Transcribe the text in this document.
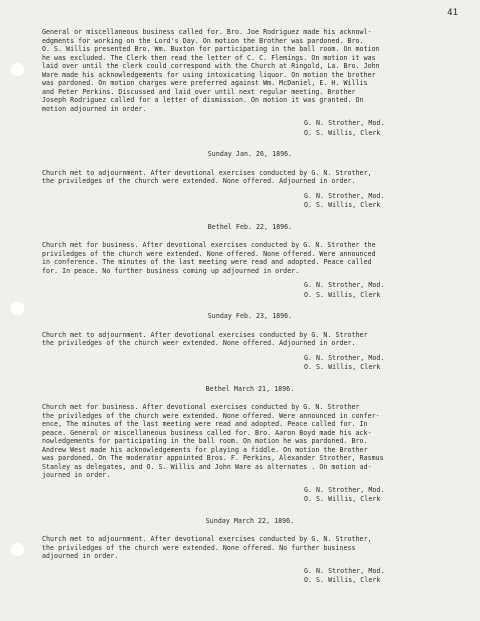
41
General or miscellaneous business called for. Bro. Joe Rodriguez made his acknowl-
edgments for working on the Lord's Day. On motion the Brother was pardoned. Bro.
O. S. Willis presented Bro. Wm. Buxton for participating in the ball room. On motion
he was excluded. The Clerk then read the letter of C. C. Flemings. On motion it was
laid over until the clerk could correspond with the Church at Ringold, La. Bro. John
Ware made his acknowledgements for using intoxicating liquor. On motion the brother
was pardoned. On motion charges were preferred against Wm. McDaniel, E. H. Willis
and Peter Perkins. Discussed and laid over until next regular meeting. Brother
Joseph Rodriguez called for a letter of dismission. On motion it was granted. On
motion adjourned in order.
G. N. Strother, Mod.
O. S. Willis, Clerk
Sunday Jan. 26, 1896.
Church met to adjournment. After devotional exercises conducted by G. N. Strother,
the priviledges of the church were extended. None offered. Adjourned in order.
G. N. Strother, Mod.
O. S. Willis, Clerk
Bethel Feb. 22, 1896.
Church met for business. After devotional exercises conducted by G. N. Strother the
priviledges of the church were extended. None offered. None offered. Were announced
in conference. The minutes of the last meeting were read and adopted. Peace called
for. In peace. No further business coming up adjourned in order.
G. N. Strother, Mod.
O. S. Willis, Clerk
Sunday Feb. 23, 1896.
Church met to adjournment. After devotional exercises conducted by G. N. Strother
the priviledges of the church weer extended. None offered. Adjourned in order.
G. N. Strother, Mod.
O. S. Willis, Clerk
Bethel March 21, 1896.
Church met for business. After devotional exercises conducted by G. N. Strother
the priviledges of the church were extended. None offered. Were announced in confer-
ence, The minutes of the last meeting were read and adopted. Peace called for. In
peace. General or miscellaneous business called for. Bro. Aaron Boyd made his ack-
nowledgements for participating in the ball room. On motion he was pardoned. Bro.
Andrew West made his acknowledgements for playing a fiddle. On motion the Brother
was pardoned. On The moderator appointed Bros. F. Perkins, Alexander Strother, Rasmus
Stanley as delegates, and O. S. Willis and John Ware as alternates . On motion ad-
journed in order.
G. N. Strother, Mod.
O. S. Willis, Clerk
Sunday March 22, 1896.
Church met to adjournment. After devotional exercises conducted by G. N. Strother,
the priviledges of the church were extended. None offered. No further business
adjourned in order.
G. N. Strother, Mod.
O. S. Willis, Clerk
